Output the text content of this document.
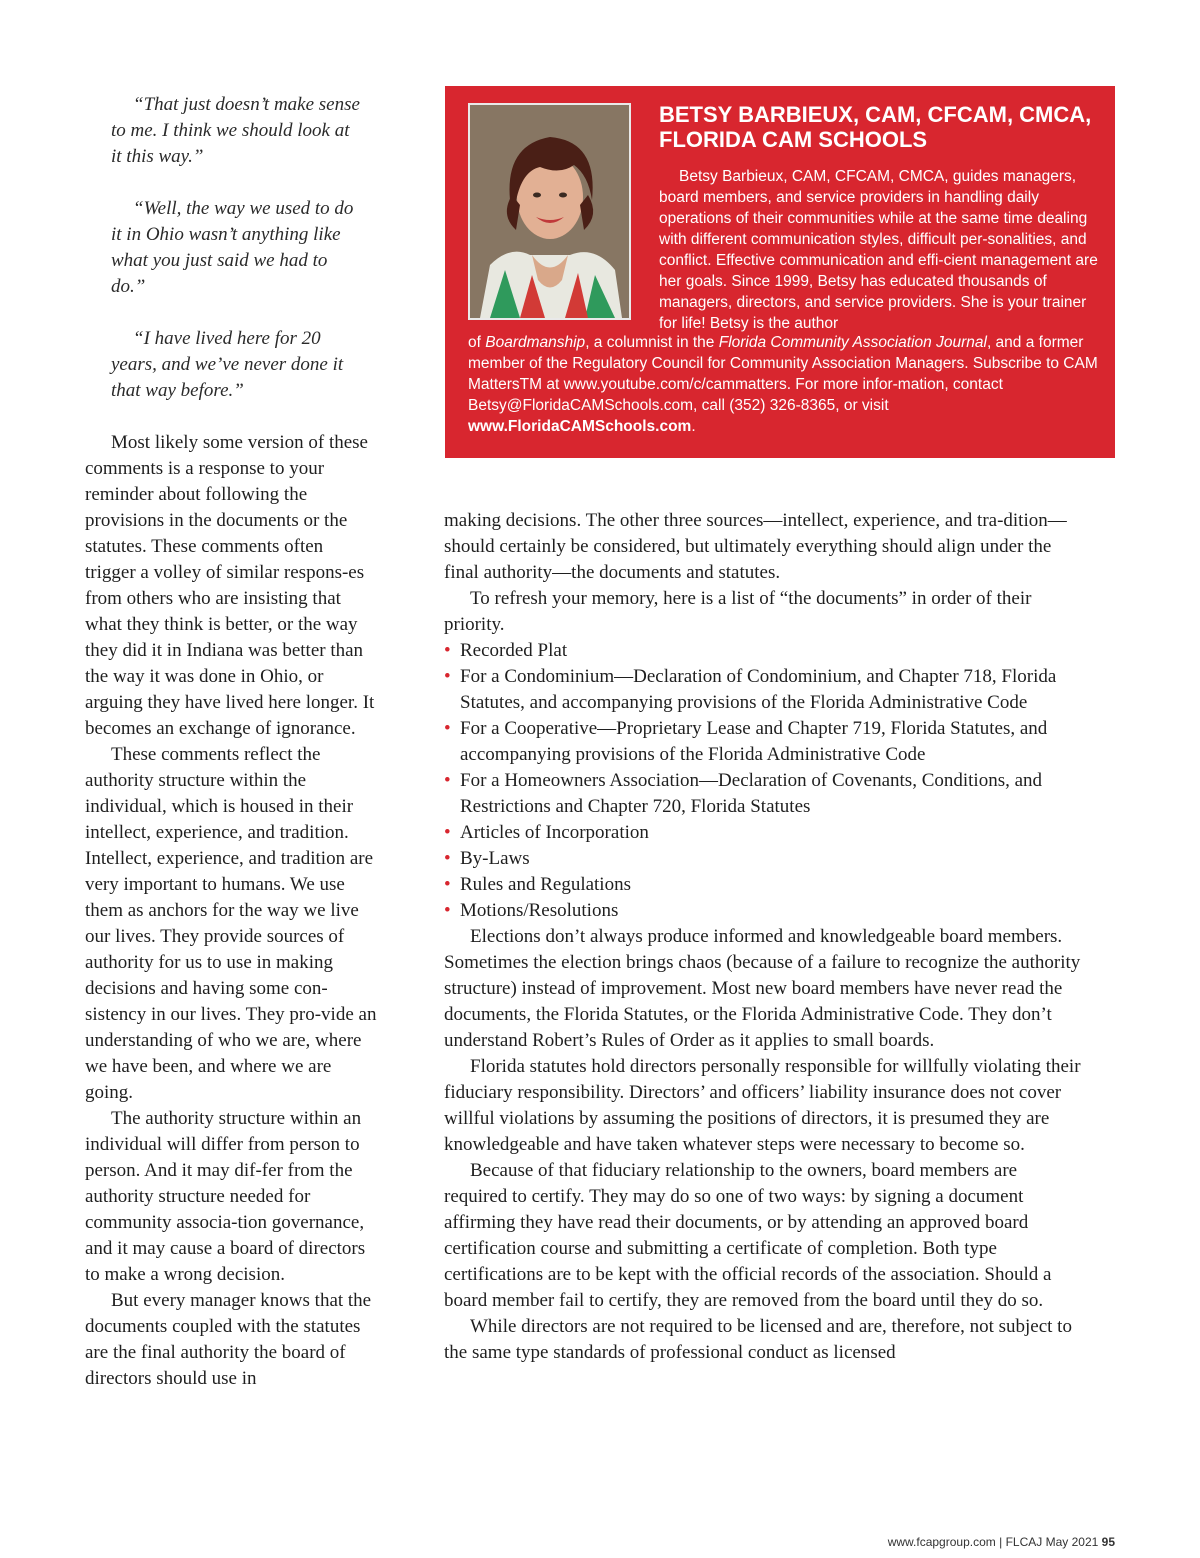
“That just doesn’t make sense to me. I think we should look at it this way.”

“Well, the way we used to do it in Ohio wasn’t anything like what you just said we had to do.”

“I have lived here for 20 years, and we’ve never done it that way before.”

Most likely some version of these comments is a response to your reminder about following the provisions in the documents or the statutes. These comments often trigger a volley of similar respons-es from others who are insisting that what they think is better, or the way they did it in Indiana was better than the way it was done in Ohio, or arguing they have lived here longer. It becomes an exchange of ignorance.

These comments reflect the authority structure within the individual, which is housed in their intellect, experience, and tradition. Intellect, experience, and tradition are very important to humans. We use them as anchors for the way we live our lives. They provide sources of authority for us to use in making decisions and having some con-sistency in our lives. They pro-vide an understanding of who we are, where we have been, and where we are going.

The authority structure within an individual will differ from person to person. And it may dif-fer from the authority structure needed for community associa-tion governance, and it may cause a board of directors to make a wrong decision.

But every manager knows that the documents coupled with the statutes are the final authority the board of directors should use in

BETSY BARBIEUX, CAM, CFCAM, CMCA, FLORIDA CAM SCHOOLS

Betsy Barbieux, CAM, CFCAM, CMCA, guides managers, board members, and service providers in handling daily operations of their communities while at the same time dealing with different communication styles, difficult per-sonalities, and conflict. Effective communication and effi-cient management are her goals. Since 1999, Betsy has educated thousands of managers, directors, and service providers. She is your trainer for life! Betsy is the author

of Boardmanship, a columnist in the Florida Community Association Journal, and a former member of the Regulatory Council for Community Association Managers. Subscribe to CAM MattersTM at www.youtube.com/c/cammatters. For more infor-mation, contact Betsy@FloridaCAMSchools.com, call (352) 326-8365, or visit www.FloridaCAMSchools.com.

making decisions. The other three sources—intellect, experience, and tra-dition—should certainly be considered, but ultimately everything should align under the final authority—the documents and statutes.

To refresh your memory, here is a list of “the documents” in order of their priority.

• Recorded Plat
• For a Condominium—Declaration of Condominium, and Chapter 718, Florida Statutes, and accompanying provisions of the Florida Administrative Code
• For a Cooperative—Proprietary Lease and Chapter 719, Florida Statutes, and accompanying provisions of the Florida Administrative Code
• For a Homeowners Association—Declaration of Covenants, Conditions, and Restrictions and Chapter 720, Florida Statutes
• Articles of Incorporation
• By-Laws
• Rules and Regulations
• Motions/Resolutions

Elections don’t always produce informed and knowledgeable board members. Sometimes the election brings chaos (because of a failure to recognize the authority structure) instead of improvement. Most new board members have never read the documents, the Florida Statutes, or the Florida Administrative Code. They don’t understand Robert’s Rules of Order as it applies to small boards.

Florida statutes hold directors personally responsible for willfully violating their fiduciary responsibility. Directors’ and officers’ liability insurance does not cover willful violations by assuming the positions of directors, it is presumed they are knowledgeable and have taken whatever steps were necessary to become so.

Because of that fiduciary relationship to the owners, board members are required to certify. They may do so one of two ways: by signing a document affirming they have read their documents, or by attending an approved board certification course and submitting a certificate of completion. Both type certifications are to be kept with the official records of the association. Should a board member fail to certify, they are removed from the board until they do so.

While directors are not required to be licensed and are, therefore, not subject to the same type standards of professional conduct as licensed

www.fcapgroup.com | FLCAJ May 2021 95
